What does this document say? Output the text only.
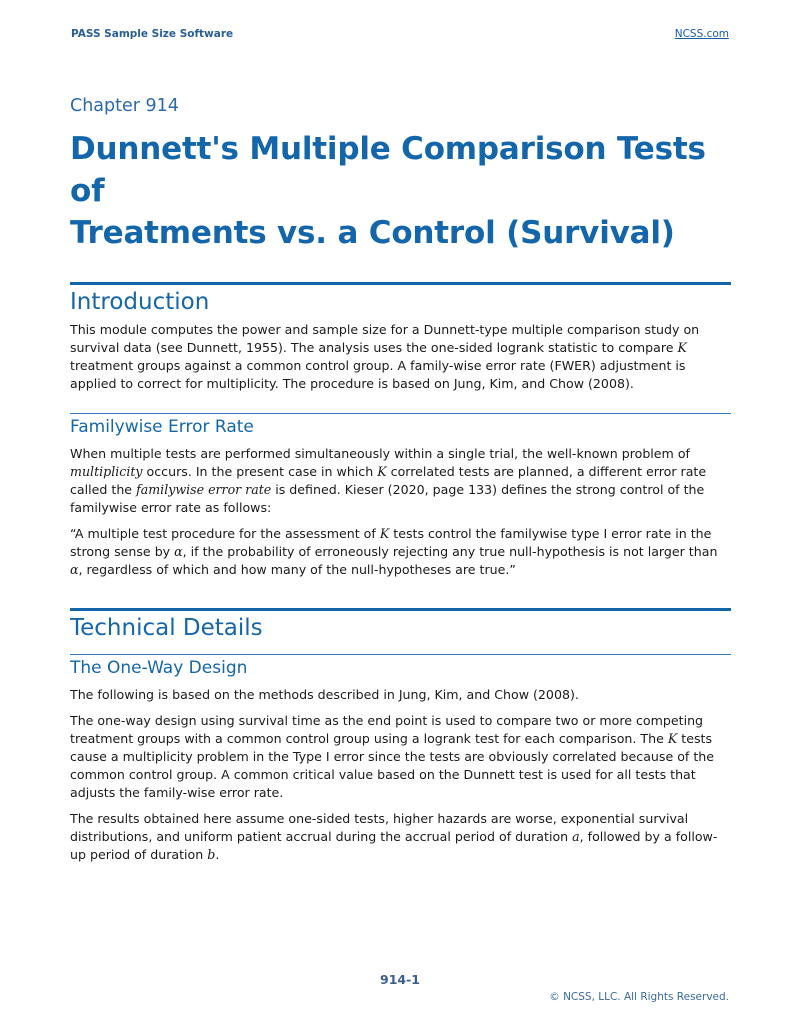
PASS Sample Size Software	NCSS.com
Chapter 914
Dunnett's Multiple Comparison Tests of
Treatments vs. a Control (Survival)
Introduction

This module computes the power and sample size for a Dunnett-type multiple comparison study on survival data (see Dunnett, 1955). The analysis uses the one-sided logrank statistic to compare K treatment groups against a common control group. A family-wise error rate (FWER) adjustment is applied to correct for multiplicity. The procedure is based on Jung, Kim, and Chow (2008).

Familywise Error Rate

When multiple tests are performed simultaneously within a single trial, the well-known problem of multiplicity occurs. In the present case in which K correlated tests are planned, a different error rate called the familywise error rate is defined. Kieser (2020, page 133) defines the strong control of the familywise error rate as follows:

“A multiple test procedure for the assessment of K tests control the familywise type I error rate in the strong sense by α, if the probability of erroneously rejecting any true null-hypothesis is not larger than α, regardless of which and how many of the null-hypotheses are true.”

Technical Details
The One-Way Design

The following is based on the methods described in Jung, Kim, and Chow (2008).

The one-way design using survival time as the end point is used to compare two or more competing treatment groups with a common control group using a logrank test for each comparison. The K tests cause a multiplicity problem in the Type I error since the tests are obviously correlated because of the common control group. A common critical value based on the Dunnett test is used for all tests that adjusts the family-wise error rate.

The results obtained here assume one-sided tests, higher hazards are worse, exponential survival distributions, and uniform patient accrual during the accrual period of duration a, followed by a follow-up period of duration b.

914-1
© NCSS, LLC. All Rights Reserved.
